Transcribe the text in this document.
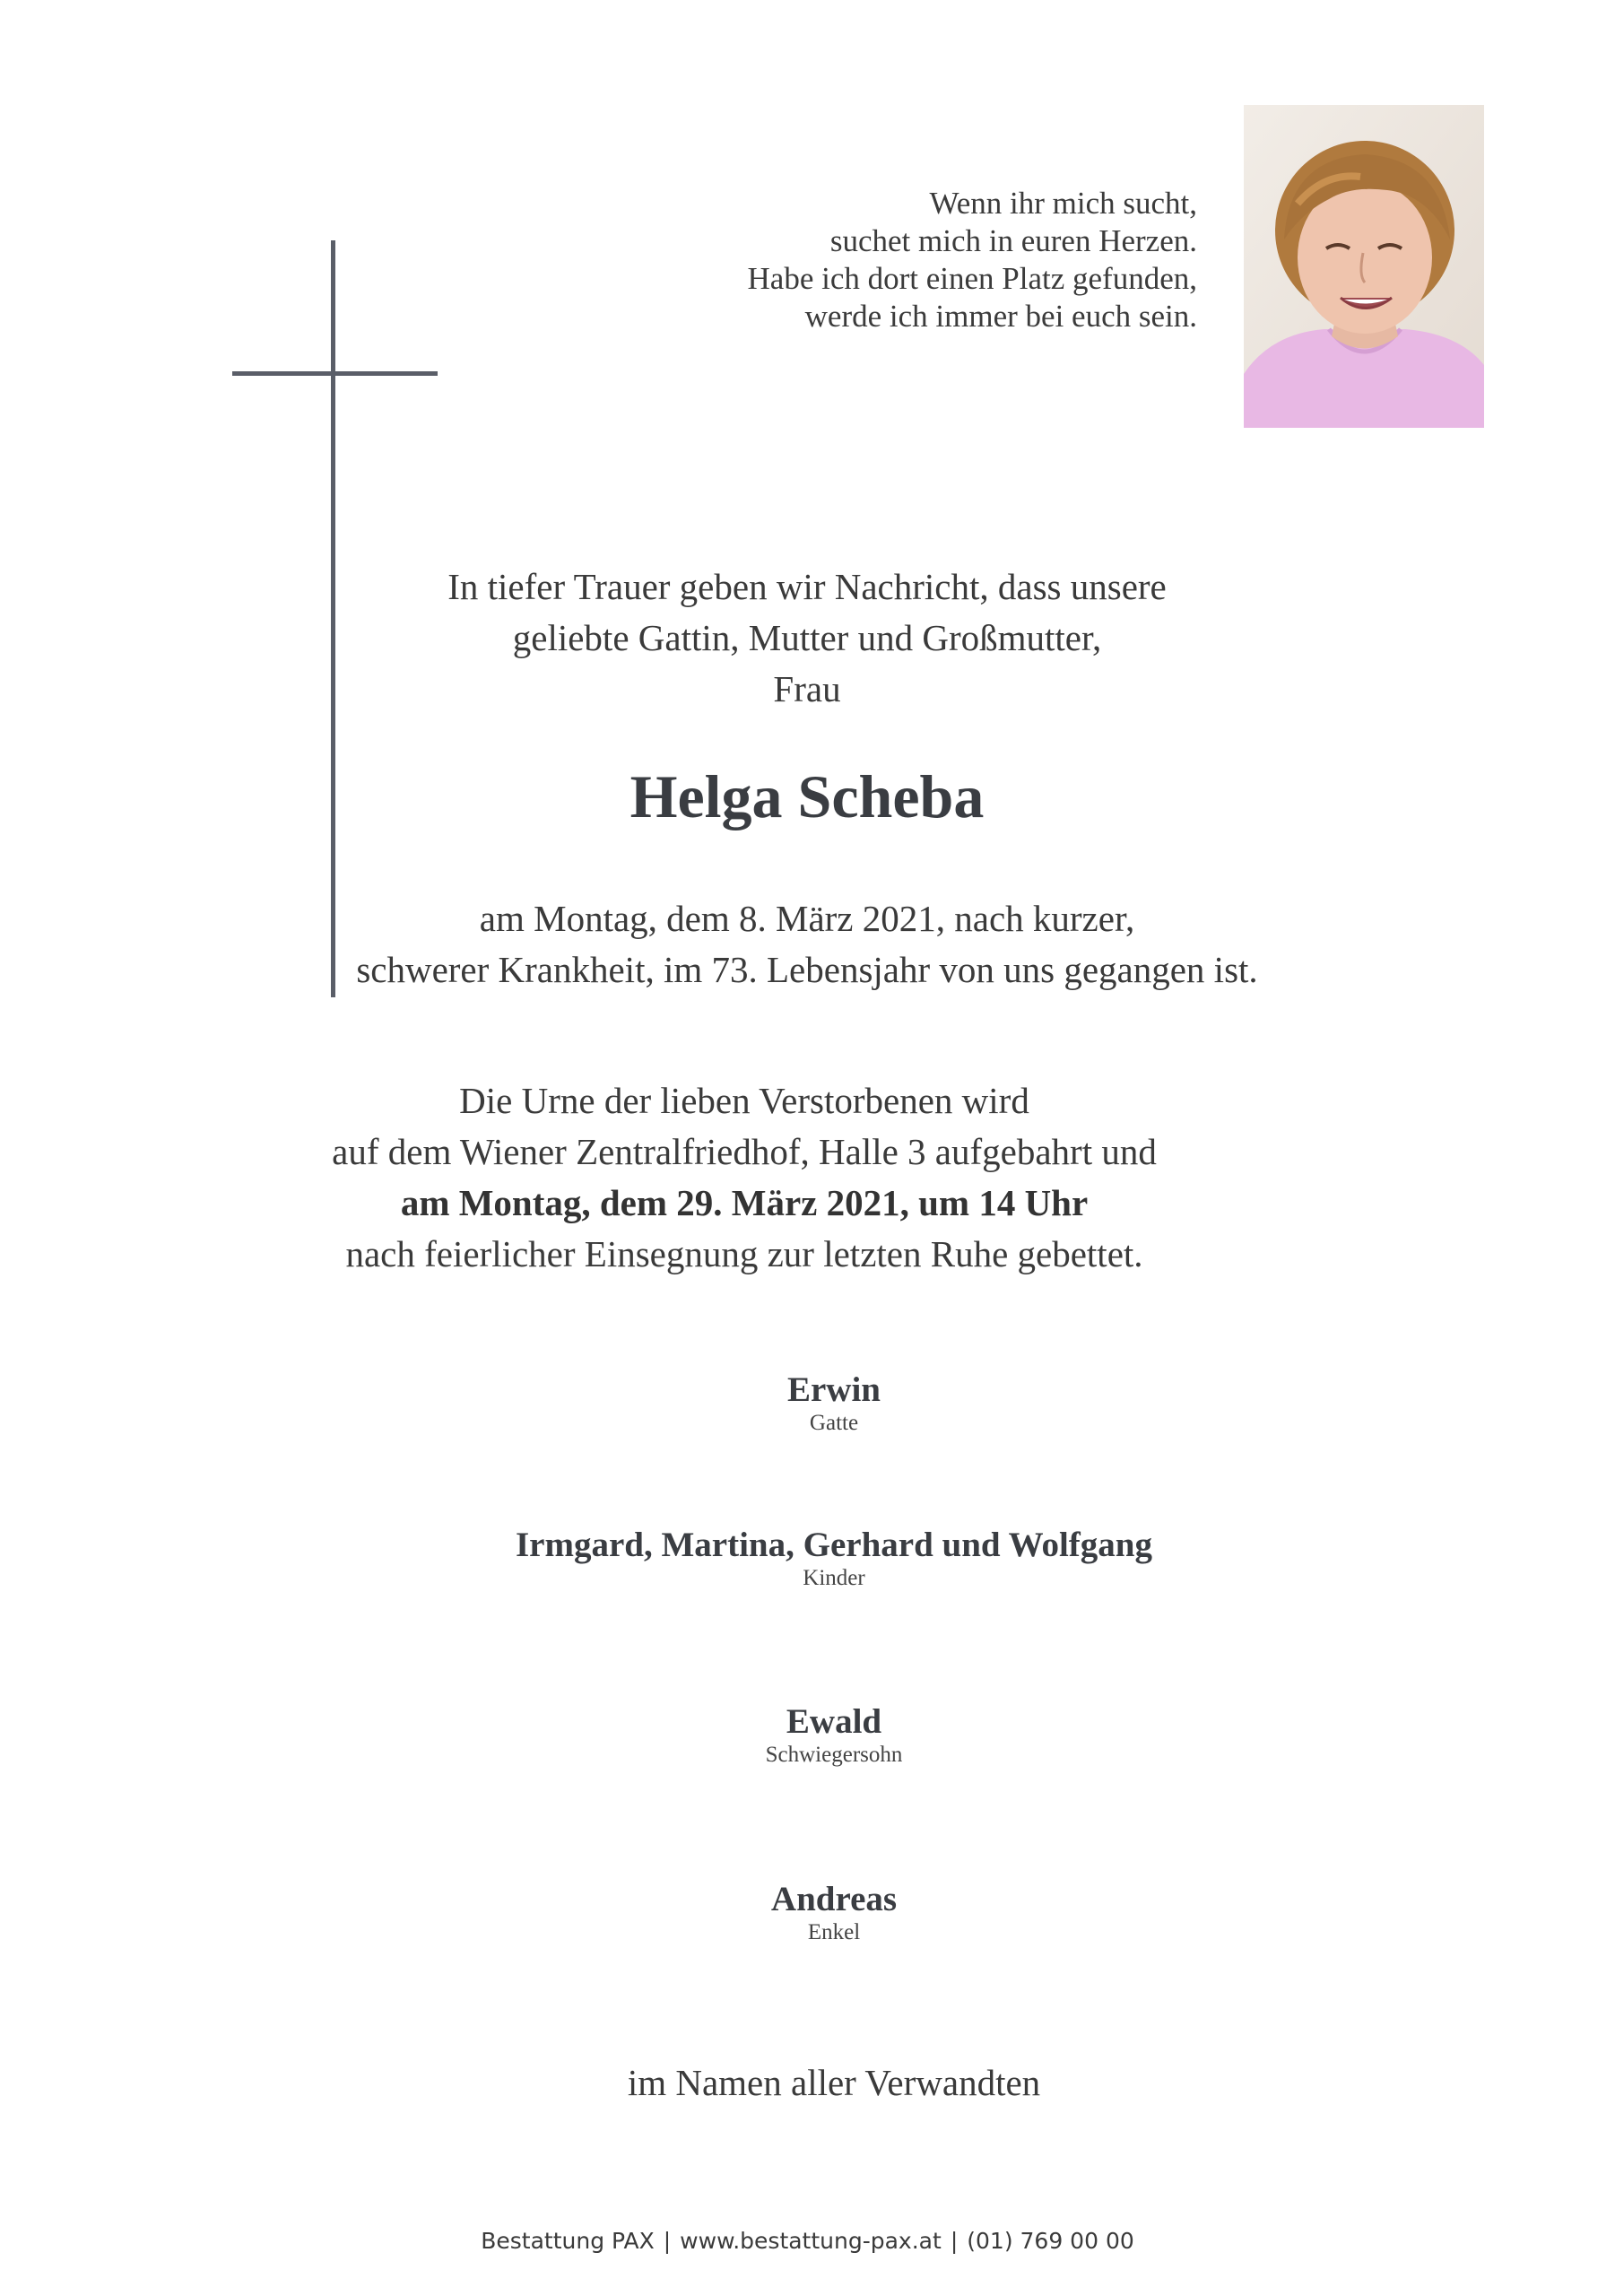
Wenn ihr mich sucht,
suchet mich in euren Herzen.
Habe ich dort einen Platz gefunden,
werde ich immer bei euch sein.
In tiefer Trauer geben wir Nachricht, dass unsere
geliebte Gattin, Mutter und Großmutter,
Frau
Helga Scheba
am Montag, dem 8. März 2021, nach kurzer,
schwerer Krankheit, im 73. Lebensjahr von uns gegangen ist.
Die Urne der lieben Verstorbenen wird
auf dem Wiener Zentralfriedhof, Halle 3 aufgebahrt und
am Montag, dem 29. März 2021, um 14 Uhr
nach feierlicher Einsegnung zur letzten Ruhe gebettet.
Erwin
Gatte
Irmgard, Martina, Gerhard und Wolfgang
Kinder
Ewald
Schwiegersohn
Andreas
Enkel
im Namen aller Verwandten
Bestattung PAX | www.bestattung-pax.at | (01) 769 00 00
